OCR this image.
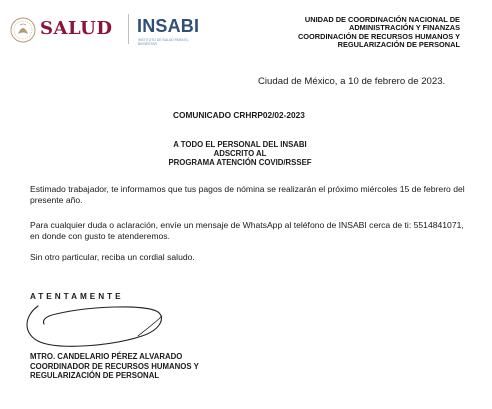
SALUD INSABI
INSTITUTO DE SALUD PARA EL BIENESTAR
UNIDAD DE COORDINACIÓN NACIONAL DE
ADMINISTRACIÓN Y FINANZAS
COORDINACIÓN DE RECURSOS HUMANOS Y
REGULARIZACIÓN DE PERSONAL
Ciudad de México, a 10 de febrero de 2023.
COMUNICADO CRHRP02/02-2023
A TODO EL PERSONAL DEL INSABI
ADSCRITO AL
PROGRAMA ATENCIÓN COVID/RSSEF
Estimado trabajador, te informamos que tus pagos de nómina se realizarán el próximo miércoles 15 de febrero del presente año.
Para cualquier duda o aclaración, envíe un mensaje de WhatsApp al teléfono de INSABI cerca de ti: 5514841071, en donde con gusto te atenderemos.
Sin otro particular, reciba un cordial saludo.
ATENTAMENTE
MTRO. CANDELARIO PÉREZ ALVARADO
COORDINADOR DE RECURSOS HUMANOS Y
REGULARIZACIÓN DE PERSONAL
